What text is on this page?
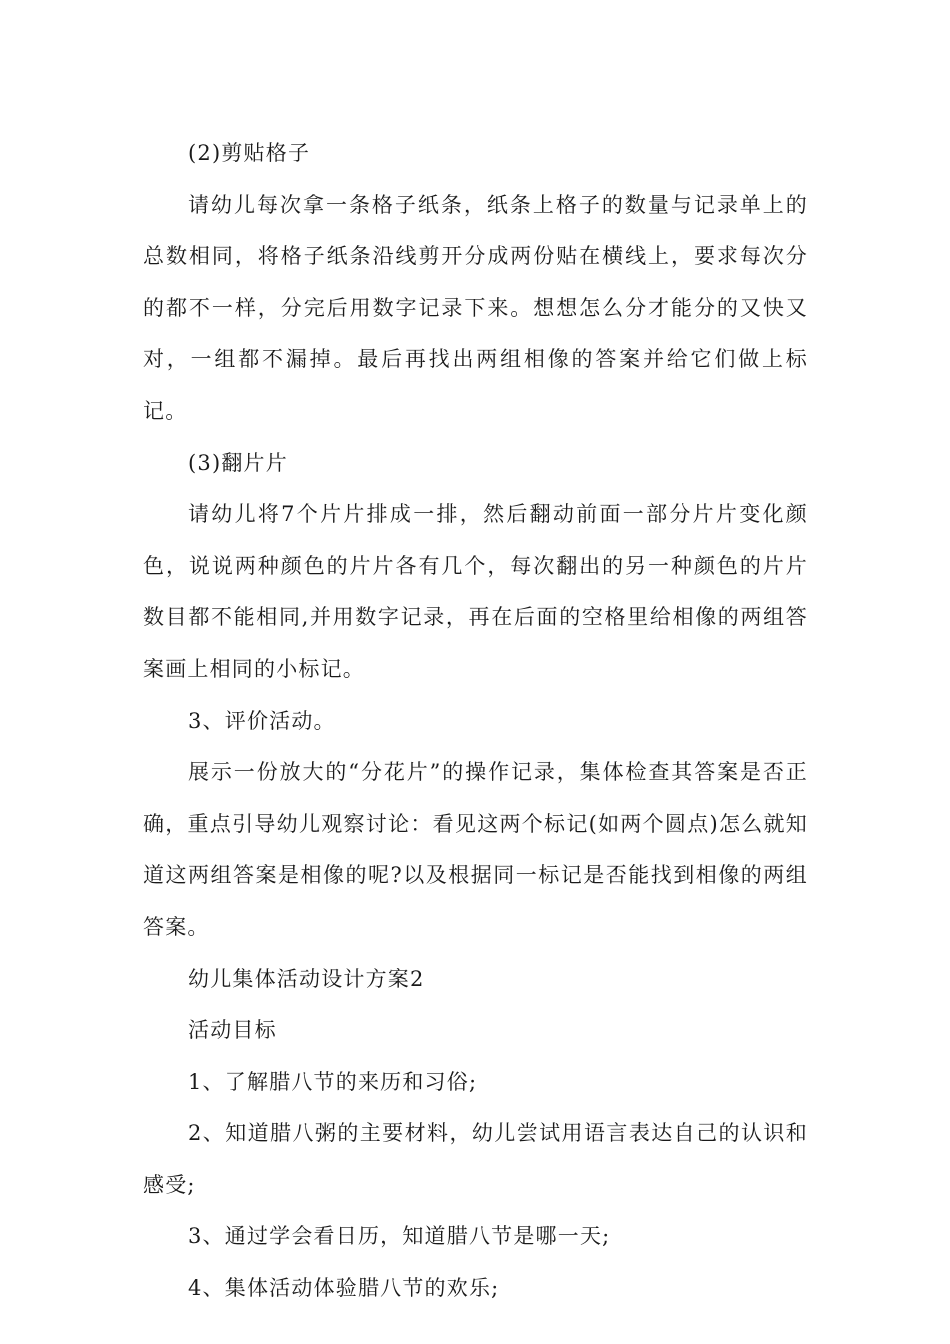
(2)剪贴格子

请幼儿每次拿一条格子纸条，纸条上格子的数量与记录单上的总数相同，将格子纸条沿线剪开分成两份贴在横线上，要求每次分的都不一样，分完后用数字记录下来。想想怎么分才能分的又快又对，一组都不漏掉。最后再找出两组相像的答案并给它们做上标记。

(3)翻片片

请幼儿将7个片片排成一排，然后翻动前面一部分片片变化颜色，说说两种颜色的片片各有几个，每次翻出的另一种颜色的片片数目都不能相同,并用数字记录，再在后面的空格里给相像的两组答案画上相同的小标记。

3、评价活动。

展示一份放大的“分花片”的操作记录，集体检查其答案是否正确，重点引导幼儿观察讨论：看见这两个标记(如两个圆点)怎么就知道这两组答案是相像的呢?以及根据同一标记是否能找到相像的两组答案。

幼儿集体活动设计方案2

活动目标

1、了解腊八节的来历和习俗;

2、知道腊八粥的主要材料，幼儿尝试用语言表达自己的认识和感受;

3、通过学会看日历，知道腊八节是哪一天;

4、集体活动体验腊八节的欢乐;
